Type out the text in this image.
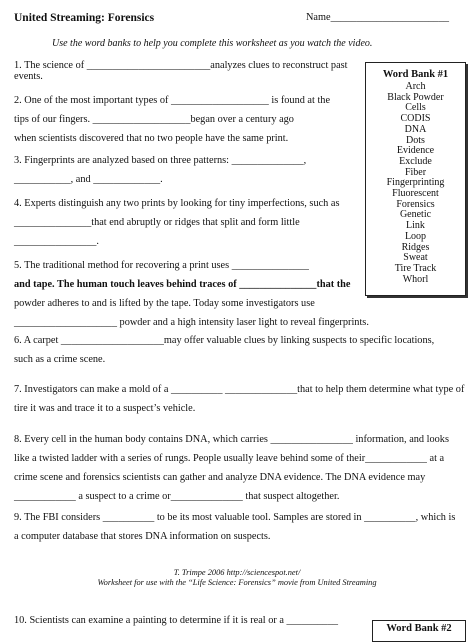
United Streaming: Forensics	Name_______________________
Use the word banks to help you complete this worksheet as you watch the video.
Word Bank #1
Arch
Black Powder
Cells
CODIS
DNA
Dots
Evidence
Exclude
Fiber
Fingerprinting
Fluorescent
Forensics
Genetic
Link
Loop
Ridges
Sweat
Tire Track
Whorl
1. The science of ________________________analyzes clues to reconstruct past
events.
2. One of the most important types of ___________________ is found at the
tips of our fingers. ___________________began over a century ago
when scientists discovered that no two people have the same print.
3. Fingerprints are analyzed based on three patterns: ______________,
___________, and _____________.
4. Experts distinguish any two prints by looking for tiny imperfections, such as
_______________that end abruptly or ridges that split and form little
________________.
5. The traditional method for recovering a print uses _______________
and tape. The human touch leaves behind traces of _______________that the
powder adheres to and is lifted by the tape. Today some investigators use
____________________ powder and a high intensity laser light to reveal fingerprints.
6. A carpet ____________________may offer valuable clues by linking suspects to specific locations,
such as a crime scene.
7. Investigators can make a mold of a __________ ______________that to help them determine what type of
tire it was and trace it to a suspect’s vehicle.
8. Every cell in the human body contains DNA, which carries ________________ information, and looks
like a twisted ladder with a series of rungs. People usually leave behind some of their____________ at a
crime scene and forensics scientists can gather and analyze DNA evidence. The DNA evidence may
____________ a suspect to a crime or______________ that suspect altogether.
9. The FBI considers __________ to be its most valuable tool. Samples are stored in __________, which is
a computer database that stores DNA information on suspects.
T. Trimpe 2006 http://sciencespot.net/
Worksheet for use with the “Life Science: Forensics” movie from United Streaming
10. Scientists can examine a painting to determine if it is real or a __________
Word Bank #2
